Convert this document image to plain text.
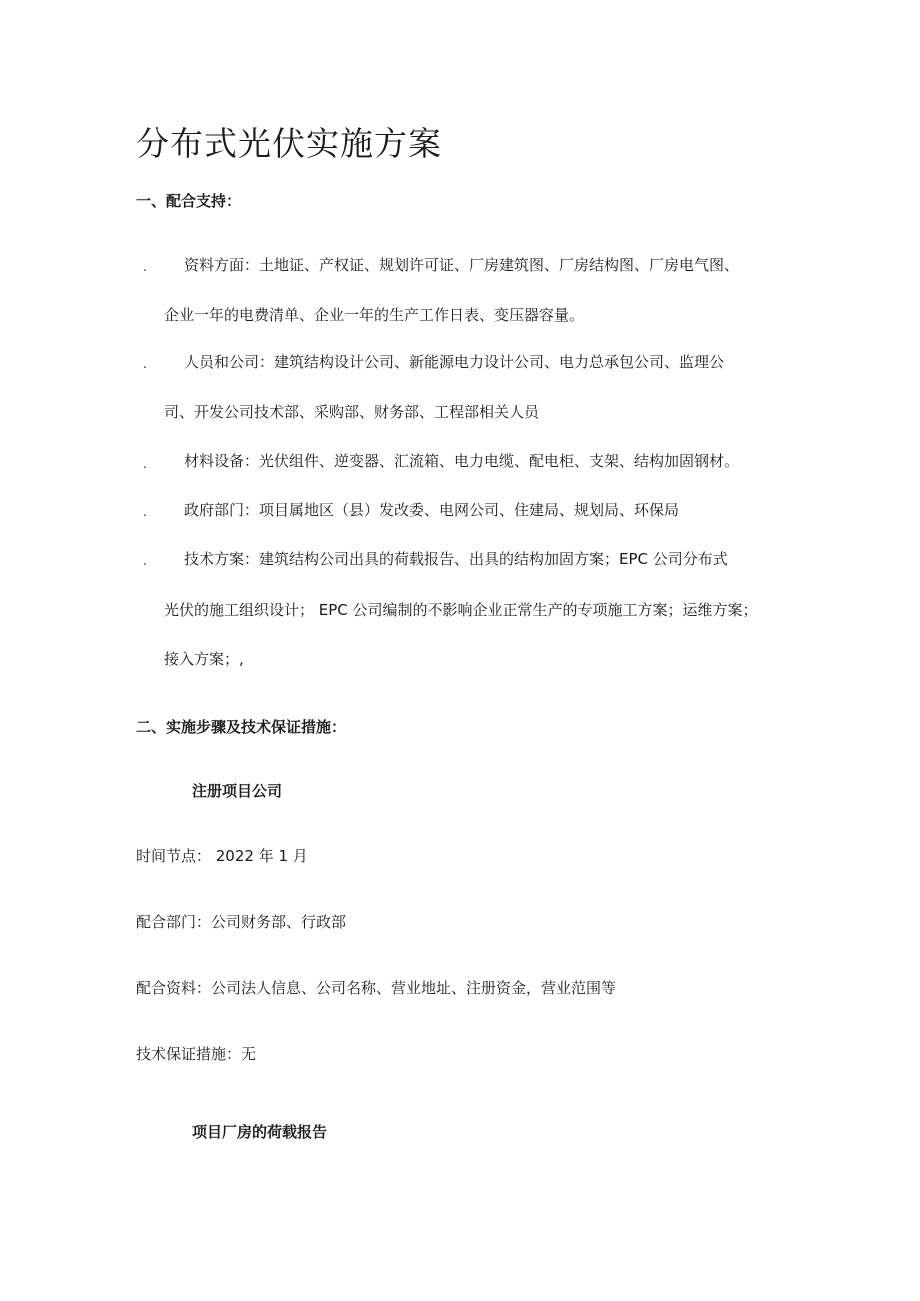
分布式光伏实施方案
一、配合支持：
. 资料方面：土地证、产权证、规划许可证、厂房建筑图、厂房结构图、厂房电气图、
企业一年的电费清单、企业一年的生产工作日表、变压器容量。
. 人员和公司：建筑结构设计公司、新能源电力设计公司、电力总承包公司、监理公
司、开发公司技术部、采购部、财务部、工程部相关人员
. 材料设备：光伏组件、逆变器、汇流箱、电力电缆、配电柜、支架、结构加固钢材。
. 政府部门：项目属地区（县）发改委、电网公司、住建局、规划局、环保局
. 技术方案：建筑结构公司出具的荷载报告、出具的结构加固方案；EPC 公司分布式
光伏的施工组织设计； EPC 公司编制的不影响企业正常生产的专项施工方案；运维方案；
接入方案；,
二、实施步骤及技术保证措施：
注册项目公司
时间节点： 2022 年 1 月
配合部门：公司财务部、行政部
配合资料：公司法人信息、公司名称、营业地址、注册资金，营业范围等
技术保证措施：无
项目厂房的荷载报告
